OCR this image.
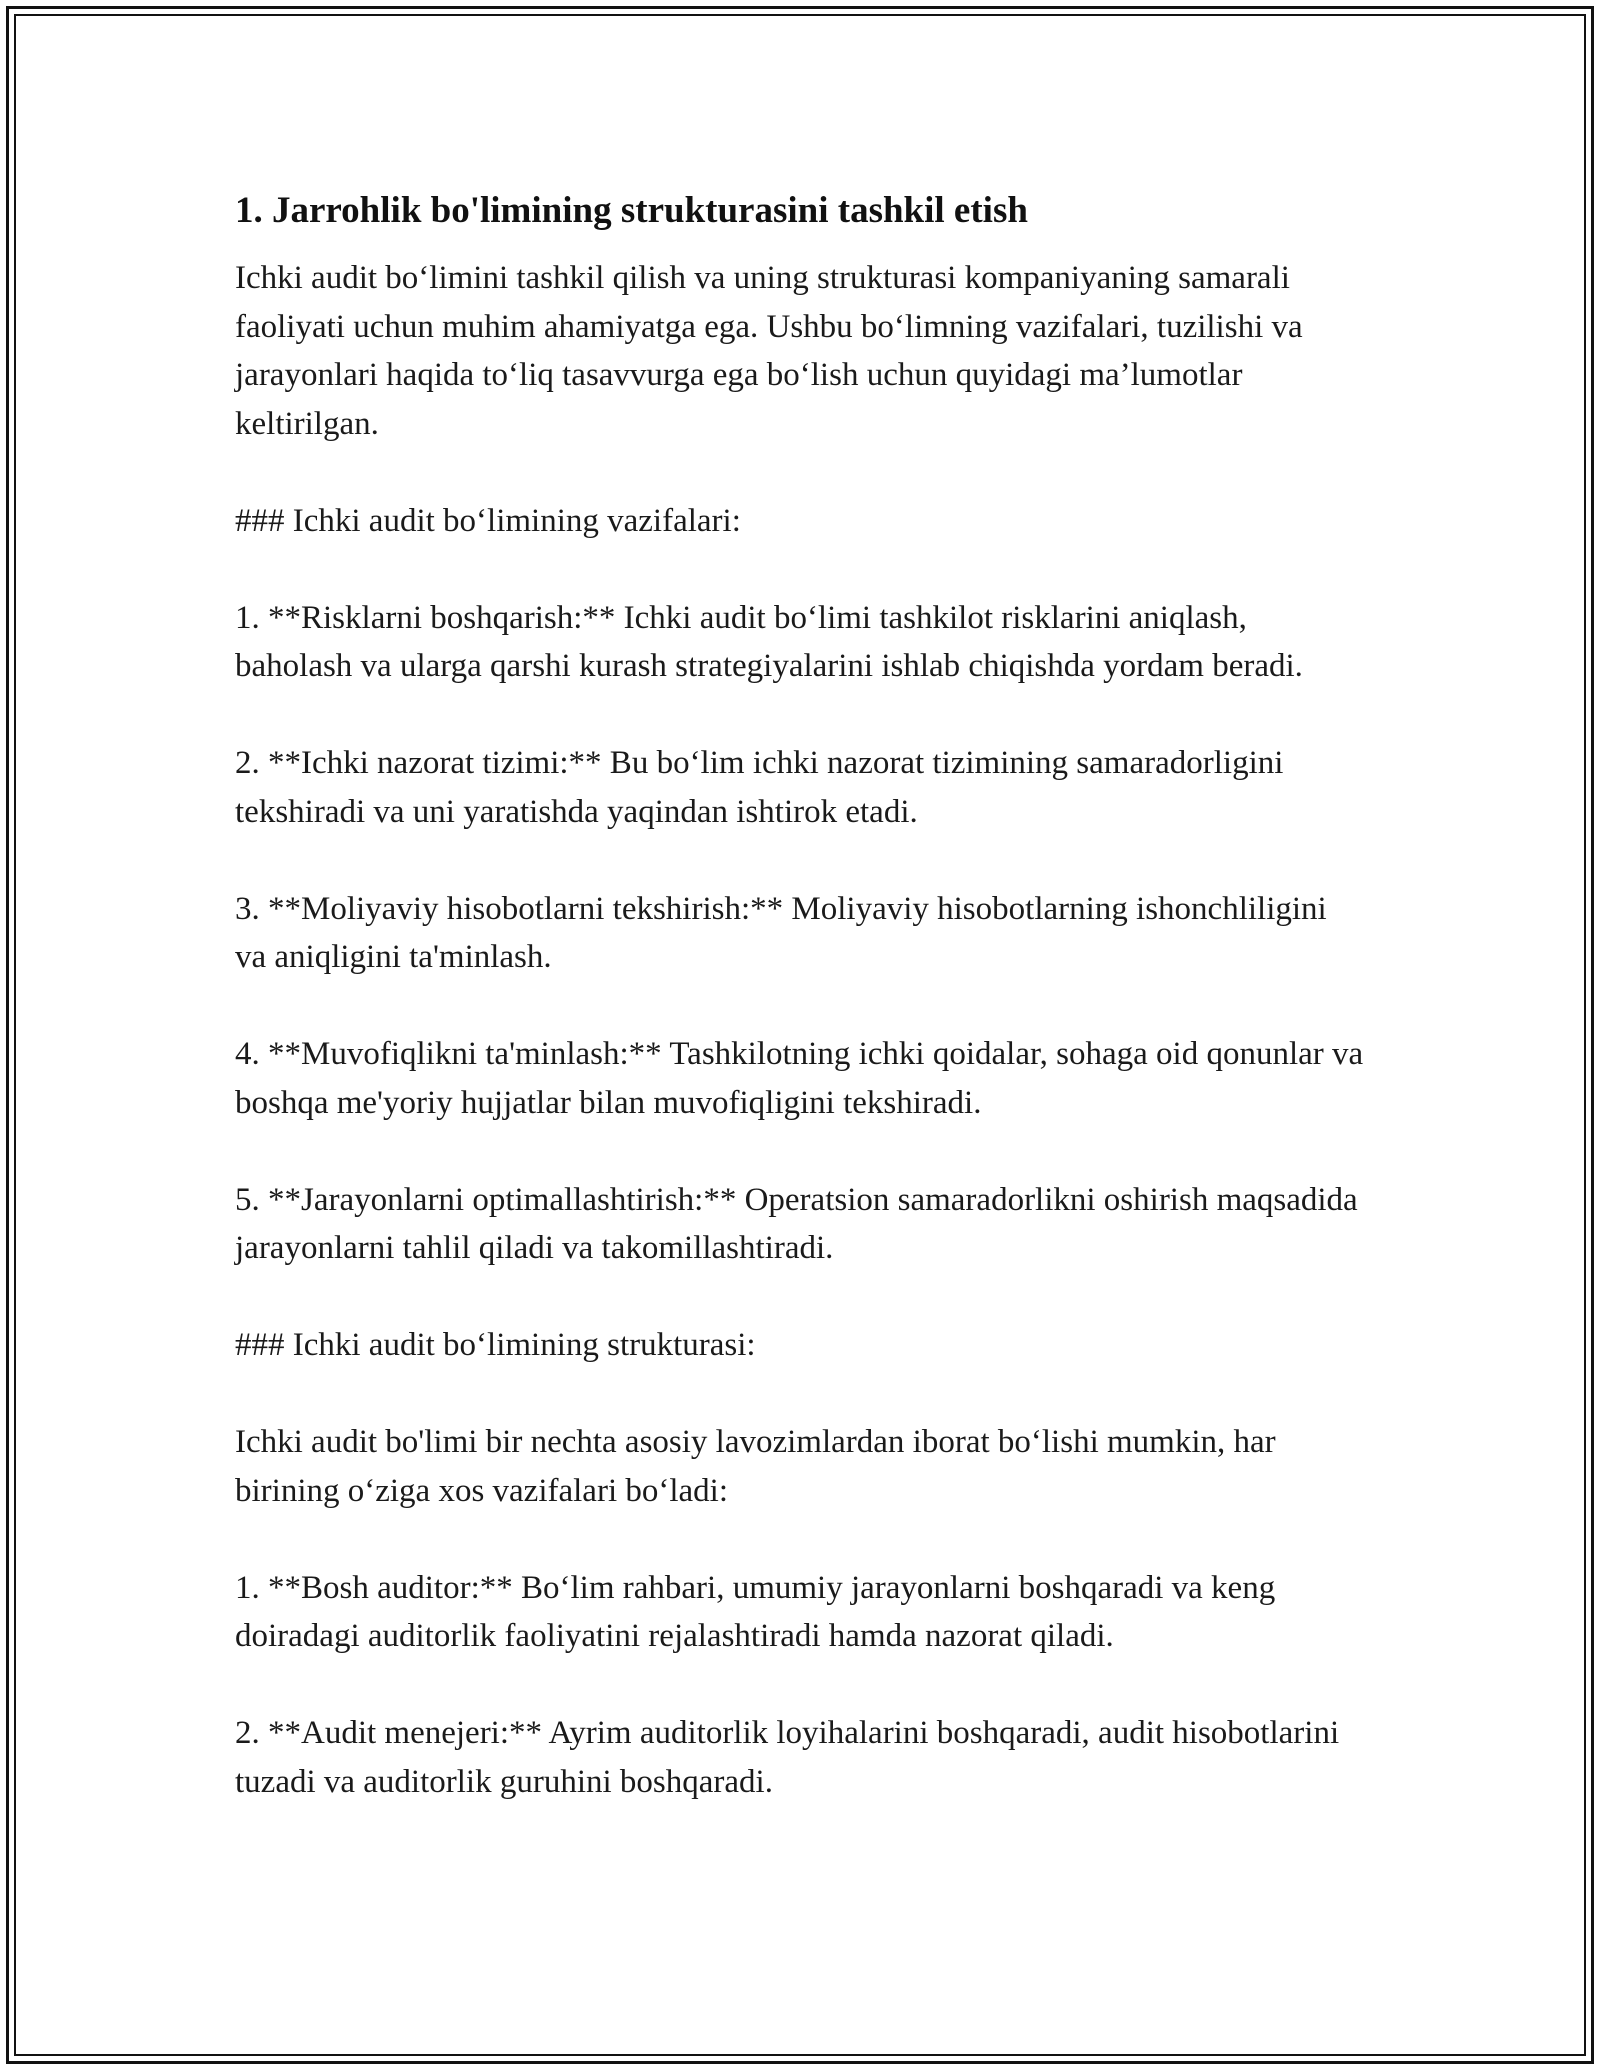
1. Jarrohlik bo'limining strukturasini tashkil etish

Ichki audit bo‘limini tashkil qilish va uning strukturasi kompaniyaning samarali faoliyati uchun muhim ahamiyatga ega. Ushbu bo‘limning vazifalari, tuzilishi va jarayonlari haqida to‘liq tasavvurga ega bo‘lish uchun quyidagi ma’lumotlar keltirilgan.

### Ichki audit bo‘limining vazifalari:

1. **Risklarni boshqarish:** Ichki audit bo‘limi tashkilot risklarini aniqlash, baholash va ularga qarshi kurash strategiyalarini ishlab chiqishda yordam beradi.

2. **Ichki nazorat tizimi:** Bu bo‘lim ichki nazorat tizimining samaradorligini tekshiradi va uni yaratishda yaqindan ishtirok etadi.

3. **Moliyaviy hisobotlarni tekshirish:** Moliyaviy hisobotlarning ishonchliligini va aniqligini ta'minlash.

4. **Muvofiqlikni ta'minlash:** Tashkilotning ichki qoidalar, sohaga oid qonunlar va boshqa me'yoriy hujjatlar bilan muvofiqligini tekshiradi.

5. **Jarayonlarni optimallashtirish:** Operatsion samaradorlikni oshirish maqsadida jarayonlarni tahlil qiladi va takomillashtiradi.

### Ichki audit bo‘limining strukturasi:

Ichki audit bo'limi bir nechta asosiy lavozimlardan iborat bo‘lishi mumkin, har birining o‘ziga xos vazifalari bo‘ladi:

1. **Bosh auditor:** Bo‘lim rahbari, umumiy jarayonlarni boshqaradi va keng doiradagi auditorlik faoliyatini rejalashtiradi hamda nazorat qiladi.

2. **Audit menejeri:** Ayrim auditorlik loyihalarini boshqaradi, audit hisobotlarini tuzadi va auditorlik guruhini boshqaradi.
